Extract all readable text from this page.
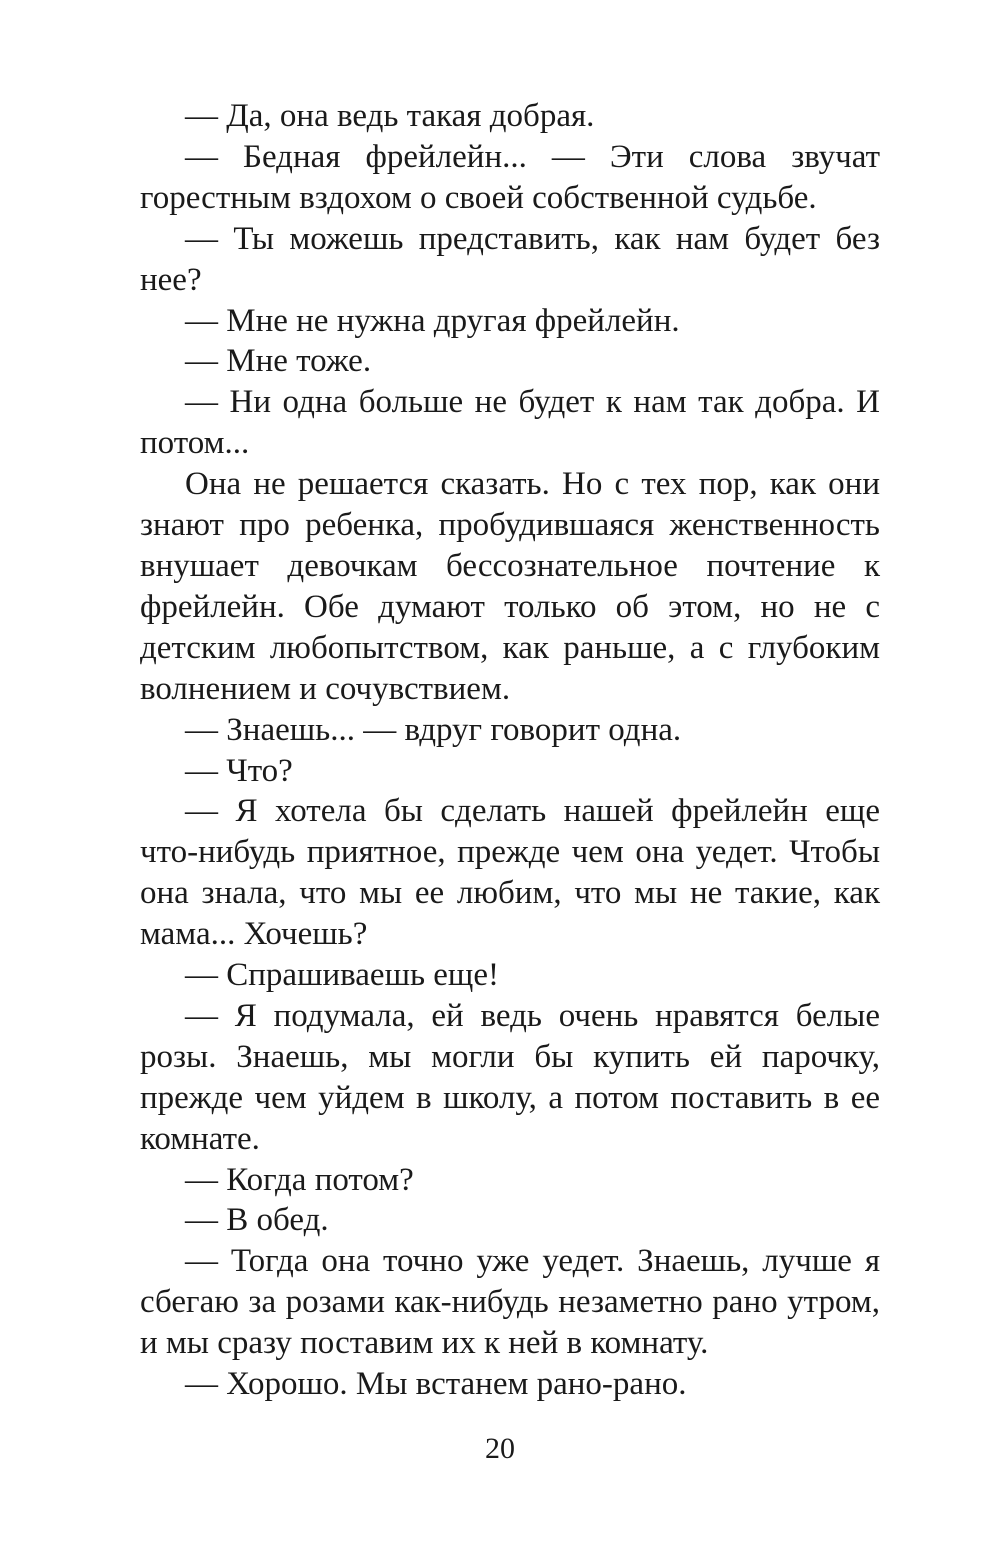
— Да, она ведь такая добрая.

— Бедная фрейлейн... — Эти слова звучат горестным вздохом о своей собственной судьбе.

— Ты можешь представить, как нам будет без нее?

— Мне не нужна другая фрейлейн.

— Мне тоже.

— Ни одна больше не будет к нам так добра. И потом...

Она не решается сказать. Но с тех пор, как они знают про ребенка, пробудившаяся женственность внушает девочкам бессознательное почтение к фрейлейн. Обе думают только об этом, но не с детским любопытством, как раньше, а с глубоким волнением и сочувствием.

— Знаешь... — вдруг говорит одна.

— Что?

— Я хотела бы сделать нашей фрейлейн еще что-нибудь приятное, прежде чем она уедет. Чтобы она знала, что мы ее любим, что мы не такие, как мама... Хочешь?

— Спрашиваешь еще!

— Я подумала, ей ведь очень нравятся белые розы. Знаешь, мы могли бы купить ей парочку, прежде чем уйдем в школу, а потом поставить в ее комнате.

— Когда потом?

— В обед.

— Тогда она точно уже уедет. Знаешь, лучше я сбегаю за розами как-нибудь незаметно рано утром, и мы сразу поставим их к ней в комнату.

— Хорошо. Мы встанем рано-рано.

20
